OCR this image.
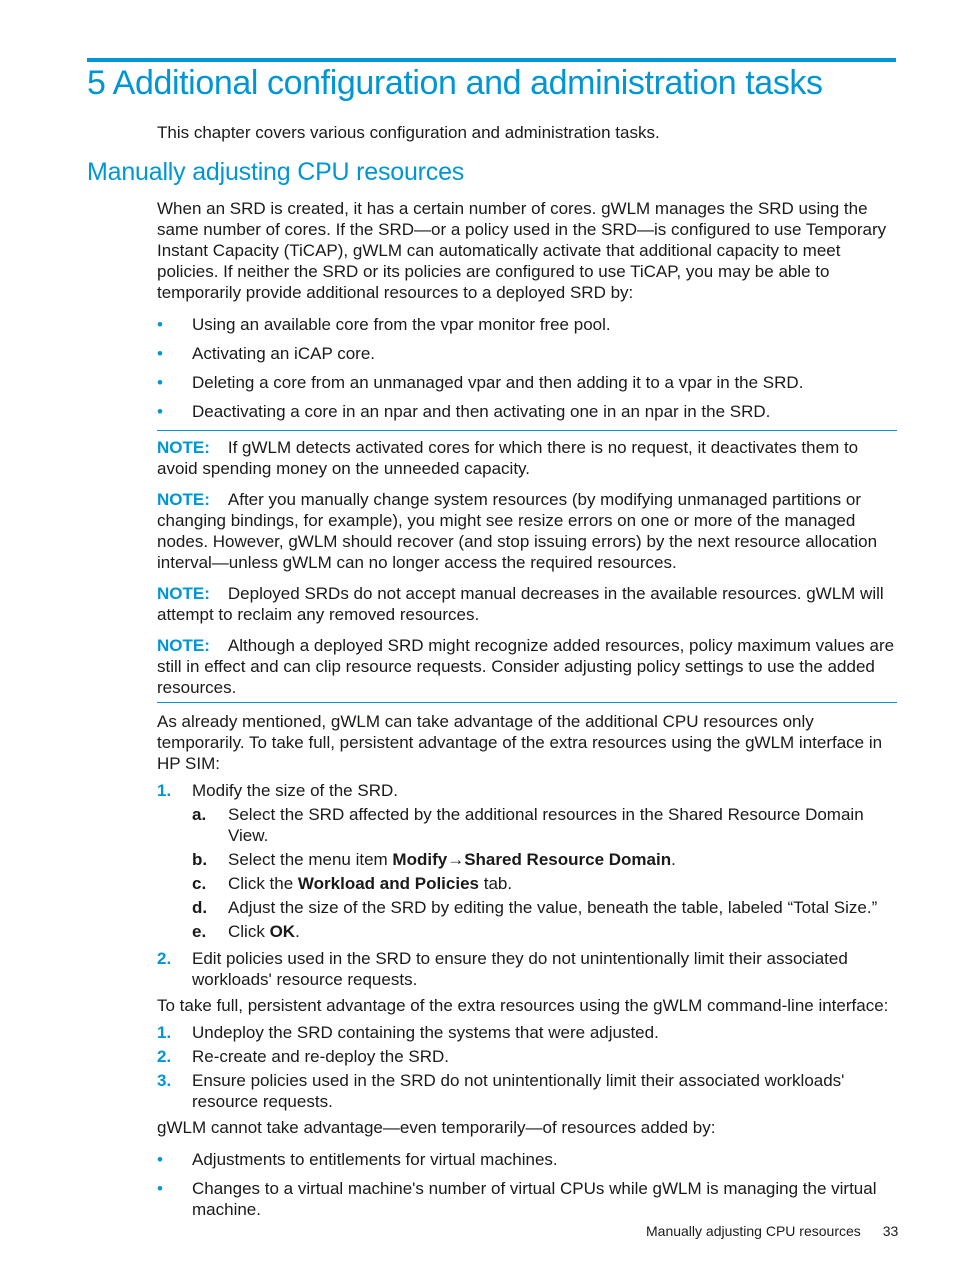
5 Additional configuration and administration tasks

This chapter covers various configuration and administration tasks.

Manually adjusting CPU resources

When an SRD is created, it has a certain number of cores. gWLM manages the SRD using the same number of cores. If the SRD—or a policy used in the SRD—is configured to use Temporary Instant Capacity (TiCAP), gWLM can automatically activate that additional capacity to meet policies. If neither the SRD or its policies are configured to use TiCAP, you may be able to temporarily provide additional resources to a deployed SRD by:

• Using an available core from the vpar monitor free pool.
• Activating an iCAP core.
• Deleting a core from an unmanaged vpar and then adding it to a vpar in the SRD.
• Deactivating a core in an npar and then activating one in an npar in the SRD.

NOTE: If gWLM detects activated cores for which there is no request, it deactivates them to avoid spending money on the unneeded capacity.

NOTE: After you manually change system resources (by modifying unmanaged partitions or changing bindings, for example), you might see resize errors on one or more of the managed nodes. However, gWLM should recover (and stop issuing errors) by the next resource allocation interval—unless gWLM can no longer access the required resources.

NOTE: Deployed SRDs do not accept manual decreases in the available resources. gWLM will attempt to reclaim any removed resources.

NOTE: Although a deployed SRD might recognize added resources, policy maximum values are still in effect and can clip resource requests. Consider adjusting policy settings to use the added resources.

As already mentioned, gWLM can take advantage of the additional CPU resources only temporarily. To take full, persistent advantage of the extra resources using the gWLM interface in HP SIM:

1. Modify the size of the SRD.
a. Select the SRD affected by the additional resources in the Shared Resource Domain View.
b. Select the menu item Modify→Shared Resource Domain.
c. Click the Workload and Policies tab.
d. Adjust the size of the SRD by editing the value, beneath the table, labeled “Total Size.”
e. Click OK.
2. Edit policies used in the SRD to ensure they do not unintentionally limit their associated workloads' resource requests.

To take full, persistent advantage of the extra resources using the gWLM command-line interface:

1. Undeploy the SRD containing the systems that were adjusted.
2. Re-create and re-deploy the SRD.
3. Ensure policies used in the SRD do not unintentionally limit their associated workloads' resource requests.

gWLM cannot take advantage—even temporarily—of resources added by:

• Adjustments to entitlements for virtual machines.
• Changes to a virtual machine's number of virtual CPUs while gWLM is managing the virtual machine.
Manually adjusting CPU resources 33
